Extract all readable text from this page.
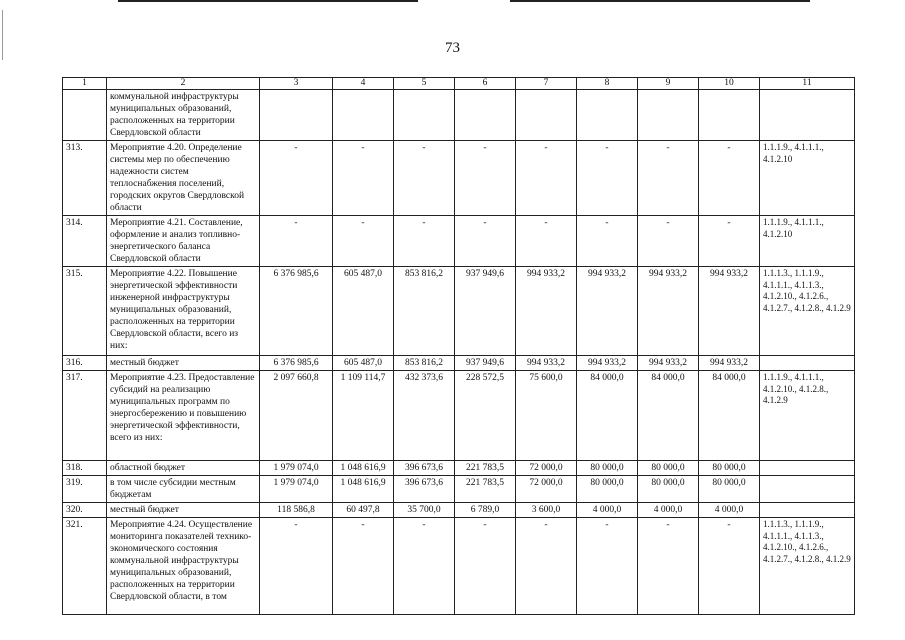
73
1	2	3	4	5	6	7	8	9	10	11
	коммунальной инфраструктуры муниципальных образований, расположенных на территории Свердловской области									
313.	Мероприятие 4.20. Определение системы мер по обеспечению надежности систем теплоснабжения поселений, городских округов Свердловской области	-	-	-	-	-	-	-	-	1.1.1.9., 4.1.1.1., 4.1.2.10
314.	Мероприятие 4.21. Составление, оформление и анализ топливно-энергетического баланса Свердловской области	-	-	-	-	-	-	-	-	1.1.1.9., 4.1.1.1., 4.1.2.10
315.	Мероприятие 4.22. Повышение энергетической эффективности инженерной инфраструктуры муниципальных образований, расположенных на территории Свердловской области, всего из них:	6 376 985,6	605 487,0	853 816,2	937 949,6	994 933,2	994 933,2	994 933,2	994 933,2	1.1.1.3., 1.1.1.9., 4.1.1.1., 4.1.1.3., 4.1.2.10., 4.1.2.6., 4.1.2.7., 4.1.2.8., 4.1.2.9
316.	местный бюджет	6 376 985,6	605 487,0	853 816,2	937 949,6	994 933,2	994 933,2	994 933,2	994 933,2	
317.	Мероприятие 4.23. Предоставление субсидий на реализацию муниципальных программ по энергосбережению и повышению энергетической эффективности, всего из них:	2 097 660,8	1 109 114,7	432 373,6	228 572,5	75 600,0	84 000,0	84 000,0	84 000,0	1.1.1.9., 4.1.1.1., 4.1.2.10., 4.1.2.8., 4.1.2.9
318.	областной бюджет	1 979 074,0	1 048 616,9	396 673,6	221 783,5	72 000,0	80 000,0	80 000,0	80 000,0	
319.	в том числе субсидии местным бюджетам	1 979 074,0	1 048 616,9	396 673,6	221 783,5	72 000,0	80 000,0	80 000,0	80 000,0	
320.	местный бюджет	118 586,8	60 497,8	35 700,0	6 789,0	3 600,0	4 000,0	4 000,0	4 000,0	
321.	Мероприятие 4.24. Осуществление мониторинга показателей технико-экономического состояния коммунальной инфраструктуры муниципальных образований, расположенных на территории Свердловской области, в том	-	-	-	-	-	-	-	-	1.1.1.3., 1.1.1.9., 4.1.1.1., 4.1.1.3., 4.1.2.10., 4.1.2.6., 4.1.2.7., 4.1.2.8., 4.1.2.9
